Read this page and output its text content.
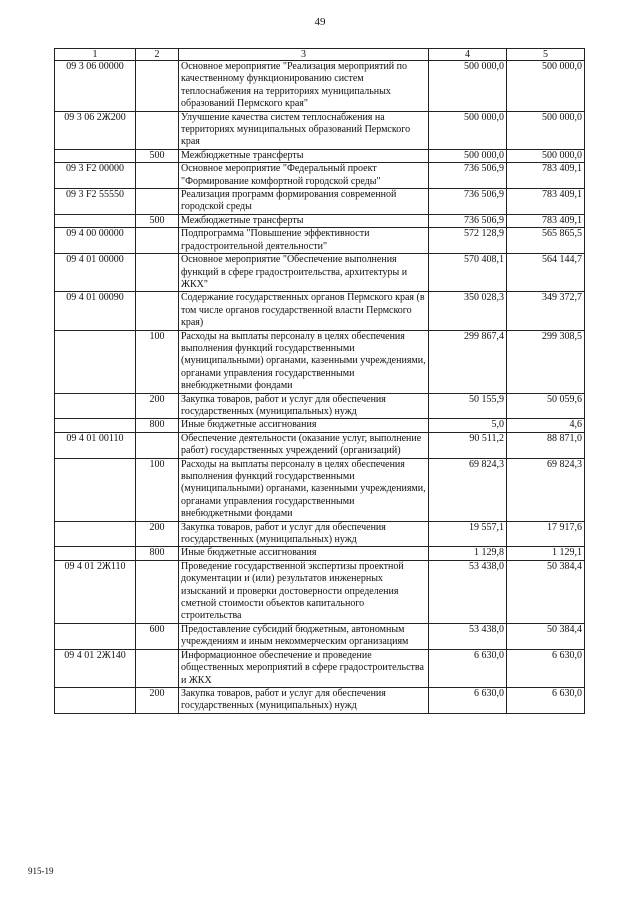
49
1	2	3	4	5
09 3 06 00000		Основное мероприятие "Реализация мероприятий по качественному функционированию систем теплоснабжения на территориях муниципальных образований Пермского края"	500 000,0	500 000,0
09 3 06 2Ж200		Улучшение качества систем теплоснабжения на территориях муниципальных образований Пермского края	500 000,0	500 000,0
	500	Межбюджетные трансферты	500 000,0	500 000,0
09 3 F2 00000		Основное мероприятие "Федеральный проект "Формирование комфортной городской среды"	736 506,9	783 409,1
09 3 F2 55550		Реализация программ формирования современной городской среды	736 506,9	783 409,1
	500	Межбюджетные трансферты	736 506,9	783 409,1
09 4 00 00000		Подпрограмма "Повышение эффективности градостроительной деятельности"	572 128,9	565 865,5
09 4 01 00000		Основное мероприятие "Обеспечение выполнения функций в сфере градостроительства, архитектуры и ЖКХ"	570 408,1	564 144,7
09 4 01 00090		Содержание государственных органов Пермского края (в том числе органов государственной власти Пермского края)	350 028,3	349 372,7
	100	Расходы на выплаты персоналу в целях обеспечения выполнения функций государственными (муниципальными) органами, казенными учреждениями, органами управления государственными внебюджетными фондами	299 867,4	299 308,5
	200	Закупка товаров, работ и услуг для обеспечения государственных (муниципальных) нужд	50 155,9	50 059,6
	800	Иные бюджетные ассигнования	5,0	4,6
09 4 01 00110		Обеспечение деятельности (оказание услуг, выполнение работ) государственных учреждений (организаций)	90 511,2	88 871,0
	100	Расходы на выплаты персоналу в целях обеспечения выполнения функций государственными (муниципальными) органами, казенными учреждениями, органами управления государственными внебюджетными фондами	69 824,3	69 824,3
	200	Закупка товаров, работ и услуг для обеспечения государственных (муниципальных) нужд	19 557,1	17 917,6
	800	Иные бюджетные ассигнования	1 129,8	1 129,1
09 4 01 2Ж110		Проведение государственной экспертизы проектной документации и (или) результатов инженерных изысканий и проверки достоверности определения сметной стоимости объектов капитального строительства	53 438,0	50 384,4
	600	Предоставление субсидий бюджетным, автономным учреждениям и иным некоммерческим организациям	53 438,0	50 384,4
09 4 01 2Ж140		Информационное обеспечение и проведение общественных мероприятий в сфере градостроительства и ЖКХ	6 630,0	6 630,0
	200	Закупка товаров, работ и услуг для обеспечения государственных (муниципальных) нужд	6 630,0	6 630,0
915-19
